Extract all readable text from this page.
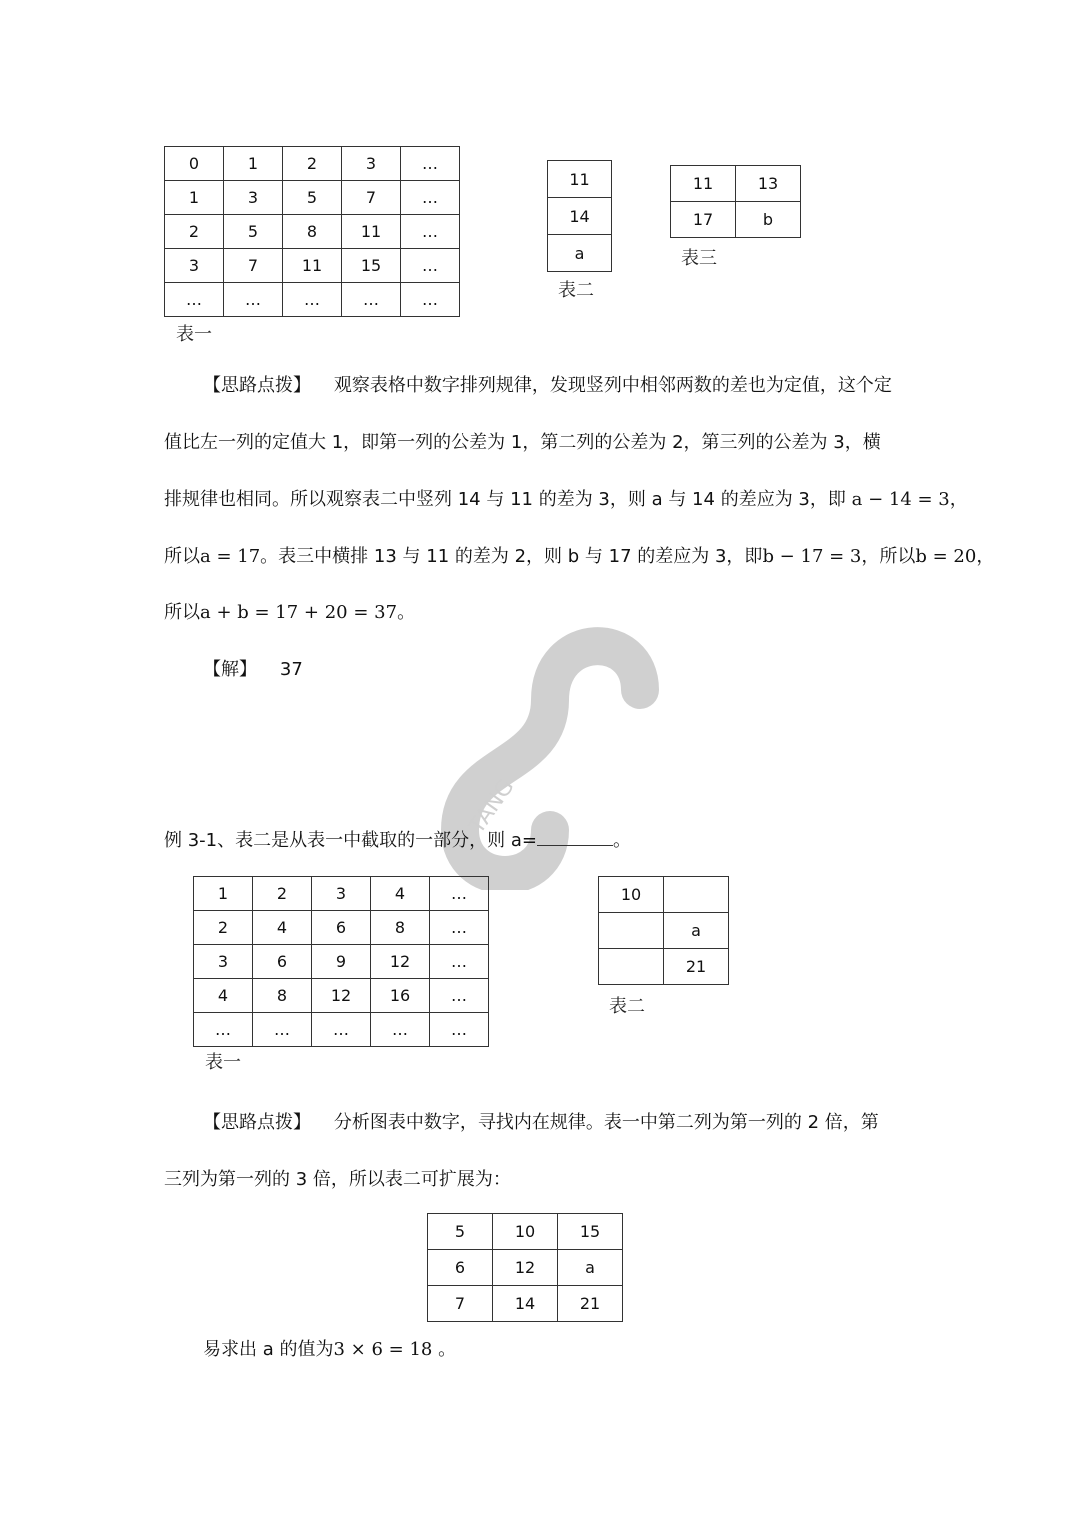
TANG
0	1	2	3	…
1	3	5	7	…
2	5	8	11	…
3	7	11	15	…
…	…	…	…	…
表一
11
14
a
表二
11	13
17	b
表三
【思路点拨】 观察表格中数字排列规律，发现竖列中相邻两数的差也为定值，这个定
值比左一列的定值大 1，即第一列的公差为 1，第二列的公差为 2，第三列的公差为 3，横
排规律也相同。所以观察表二中竖列 14 与 11 的差为 3，则 a 与 14 的差应为 3，即 a − 14 = 3，
所以a = 17。表三中横排 13 与 11 的差为 2，则 b 与 17 的差应为 3，即b − 17 = 3，所以b = 20，
所以a + b = 17 + 20 = 37。
【解】 37
例 3-1、表二是从表一中截取的一部分，则 a=	。
1	2	3	4	…
2	4	6	8	…
3	6	9	12	…
4	8	12	16	…
…	…	…	…	…
表一
10	
	a
	21
表二
【思路点拨】 分析图表中数字，寻找内在规律。表一中第二列为第一列的 2 倍，第
三列为第一列的 3 倍，所以表二可扩展为：
5	10	15
6	12	a
7	14	21
易求出 a 的值为3 × 6 = 18 。
